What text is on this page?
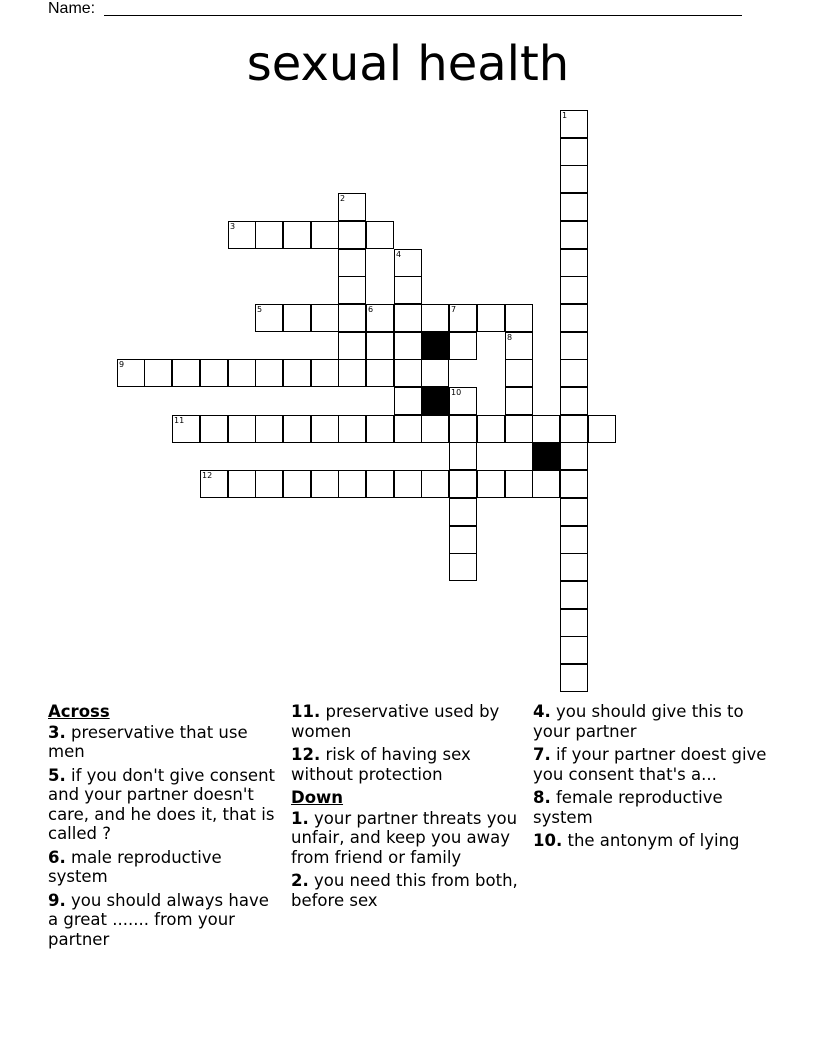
Name:
sexual health
1
2
3
4
5	6	7
8
9
10
11
12
Across
3. preservative that use men
5. if you don't give consent and your partner doesn't care, and he does it, that is called ?
6. male reproductive system
9. you should always have a great ....... from your partner
11. preservative used by women
12. risk of having sex without protection
Down
1. your partner threats you unfair, and keep you away from friend or family
2. you need this from both, before sex
4. you should give this to your partner
7. if your partner doest give you consent that's a...
8. female reproductive system
10. the antonym of lying
